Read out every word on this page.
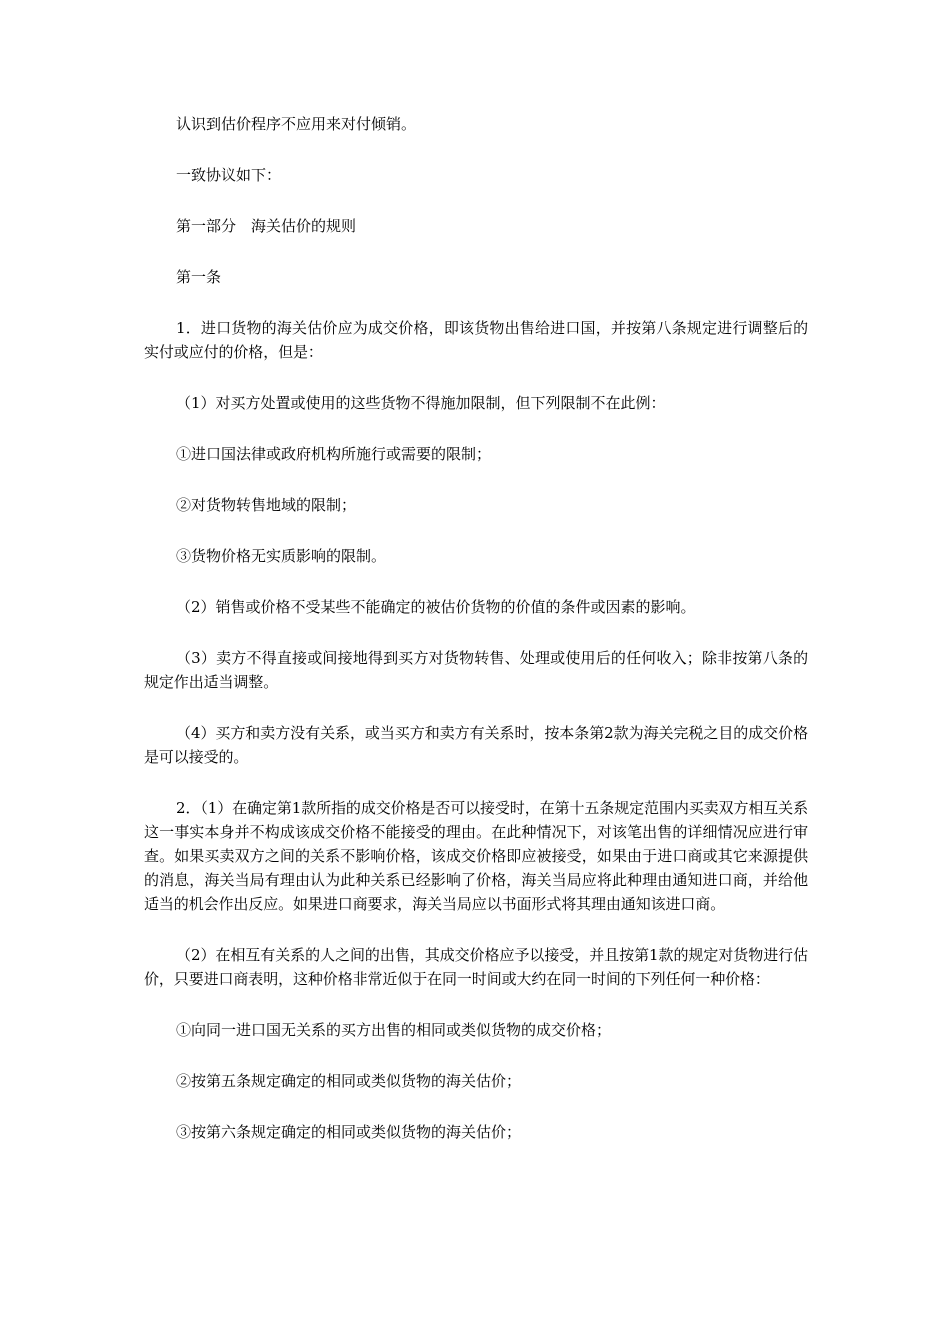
认识到估价程序不应用来对付倾销。

一致协议如下：

第一部分　海关估价的规则

第一条

1．进口货物的海关估价应为成交价格，即该货物出售给进口国，并按第八条规定进行调整后的实付或应付的价格，但是：

（1）对买方处置或使用的这些货物不得施加限制，但下列限制不在此例：

①进口国法律或政府机构所施行或需要的限制；

②对货物转售地域的限制；

③货物价格无实质影响的限制。

（2）销售或价格不受某些不能确定的被估价货物的价值的条件或因素的影响。

（3）卖方不得直接或间接地得到买方对货物转售、处理或使用后的任何收入；除非按第八条的规定作出适当调整。

（4）买方和卖方没有关系，或当买方和卖方有关系时，按本条第2款为海关完税之目的成交价格是可以接受的。

2．（1）在确定第1款所指的成交价格是否可以接受时，在第十五条规定范围内买卖双方相互关系这一事实本身并不构成该成交价格不能接受的理由。在此种情况下，对该笔出售的详细情况应进行审查。如果买卖双方之间的关系不影响价格，该成交价格即应被接受，如果由于进口商或其它来源提供的消息，海关当局有理由认为此种关系已经影响了价格，海关当局应将此种理由通知进口商，并给他适当的机会作出反应。如果进口商要求，海关当局应以书面形式将其理由通知该进口商。

（2）在相互有关系的人之间的出售，其成交价格应予以接受，并且按第1款的规定对货物进行估价，只要进口商表明，这种价格非常近似于在同一时间或大约在同一时间的下列任何一种价格：

①向同一进口国无关系的买方出售的相同或类似货物的成交价格；

②按第五条规定确定的相同或类似货物的海关估价；

③按第六条规定确定的相同或类似货物的海关估价；
